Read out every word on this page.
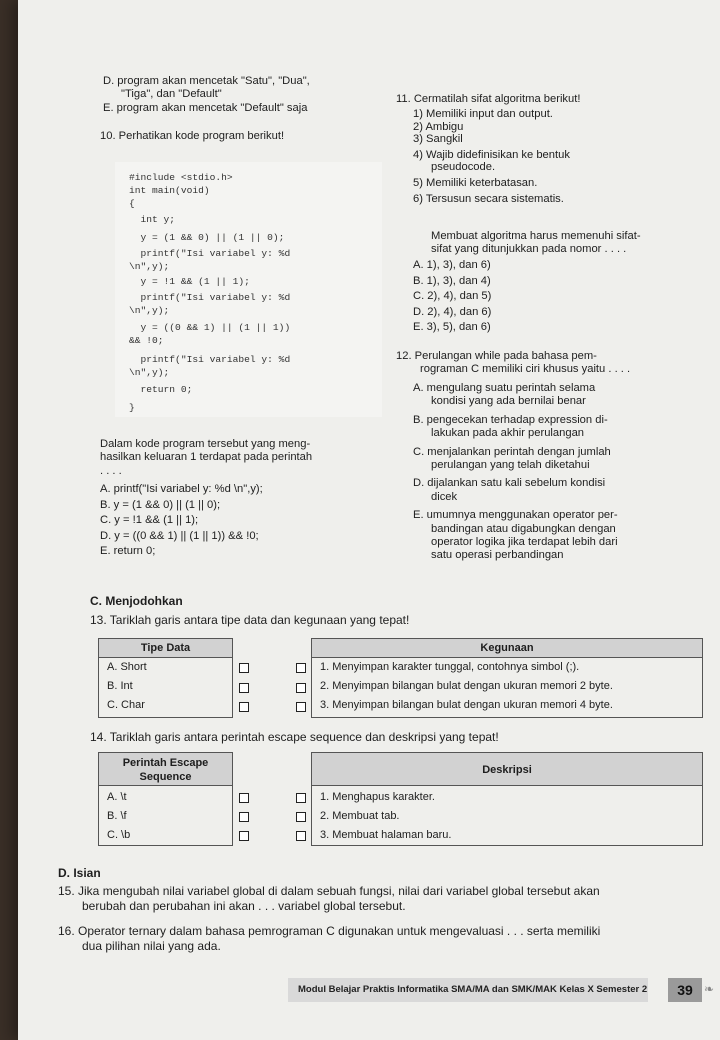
D. program akan mencetak "Satu", "Dua",
"Tiga", dan "Default"
E. program akan mencetak "Default" saja
10. Perhatikan kode program berikut!
#include <stdio.h>
int main(void)
{
int y;
y = (1 && 0) || (1 || 0);
printf("Isi variabel y: %d
\n",y);
y = !1 && (1 || 1);
printf("Isi variabel y: %d
\n",y);
y = ((0 && 1) || (1 || 1))
&& !0;
printf("Isi variabel y: %d
\n",y);
return 0;
}
Dalam kode program tersebut yang meng-
hasilkan keluaran 1 terdapat pada perintah
. . . .
A. printf("Isi variabel y: %d \n",y);
B. y = (1 && 0) || (1 || 0);
C. y = !1 && (1 || 1);
D. y = ((0 && 1) || (1 || 1)) && !0;
E. return 0;
11. Cermatilah sifat algoritma berikut!
1) Memiliki input dan output.
2) Ambigu
3) Sangkil
4) Wajib didefinisikan ke bentuk
pseudocode.
5) Memiliki keterbatasan.
6) Tersusun secara sistematis.
Membuat algoritma harus memenuhi sifat-
sifat yang ditunjukkan pada nomor . . . .
A. 1), 3), dan 6)
B. 1), 3), dan 4)
C. 2), 4), dan 5)
D. 2), 4), dan 6)
E. 3), 5), dan 6)
12. Perulangan while pada bahasa pem-
rograman C memiliki ciri khusus yaitu . . . .
A. mengulang suatu perintah selama
kondisi yang ada bernilai benar
B. pengecekan terhadap expression di-
lakukan pada akhir perulangan
C. menjalankan perintah dengan jumlah
perulangan yang telah diketahui
D. dijalankan satu kali sebelum kondisi
dicek
E. umumnya menggunakan operator per-
bandingan atau digabungkan dengan
operator logika jika terdapat lebih dari
satu operasi perbandingan
C. Menjodohkan
13. Tariklah garis antara tipe data dan kegunaan yang tepat!
Tipe Data
A. Short
B. Int
C. Char
Kegunaan
1. Menyimpan karakter tunggal, contohnya simbol (;).
2. Menyimpan bilangan bulat dengan ukuran memori 2 byte.
3. Menyimpan bilangan bulat dengan ukuran memori 4 byte.
14. Tariklah garis antara perintah escape sequence dan deskripsi yang tepat!
Perintah Escape
Sequence
A. \t
B. \f
C. \b
Deskripsi
1. Menghapus karakter.
2. Membuat tab.
3. Membuat halaman baru.
D. Isian
15. Jika mengubah nilai variabel global di dalam sebuah fungsi, nilai dari variabel global tersebut akan
berubah dan perubahan ini akan . . . variabel global tersebut.
16. Operator ternary dalam bahasa pemrograman C digunakan untuk mengevaluasi . . . serta memiliki
dua pilihan nilai yang ada.
Modul Belajar Praktis Informatika SMA/MA dan SMK/MAK Kelas X Semester 2	39 ❧
